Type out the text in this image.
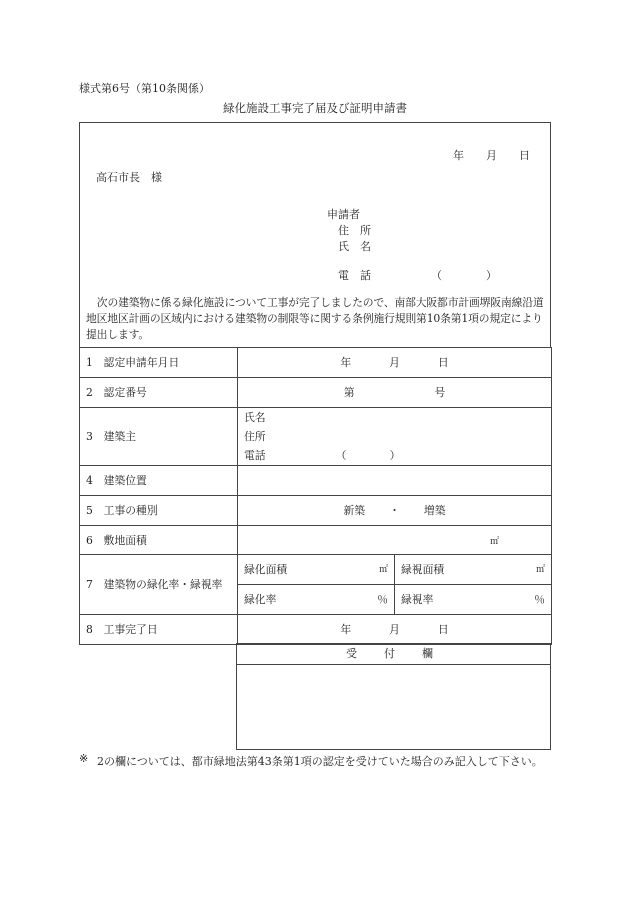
様式第6号（第10条関係）
緑化施設工事完了届及び証明申請書
年 月 日
高石市長　様
申請者
住　所
氏　名
電　話	（　　　　）
次の建築物に係る緑化施設について工事が完了しましたので、南部大阪都市計画堺阪南線沿道地区地区計画の区域内における建築物の制限等に関する条例施行規則第10条第1項の規定により提出します。
1　認定申請年月日	年 月 日	
2　認定番号	第 号	
3　建築主	氏名
住所
電話 （　　　　）	

4　建築位置		
5　工事の種別	新築 ・ 増築	
6　敷地面積	㎡	
7　建築物の緑化率・緑視率	緑化面積 ㎡	緑視面積 ㎡

	緑化率 ％	緑視率 ％

8　工事完了日	年 月 日	
受　付　欄
※ 2の欄については、都市緑地法第43条第1項の認定を受けていた場合のみ記入して下さい。
